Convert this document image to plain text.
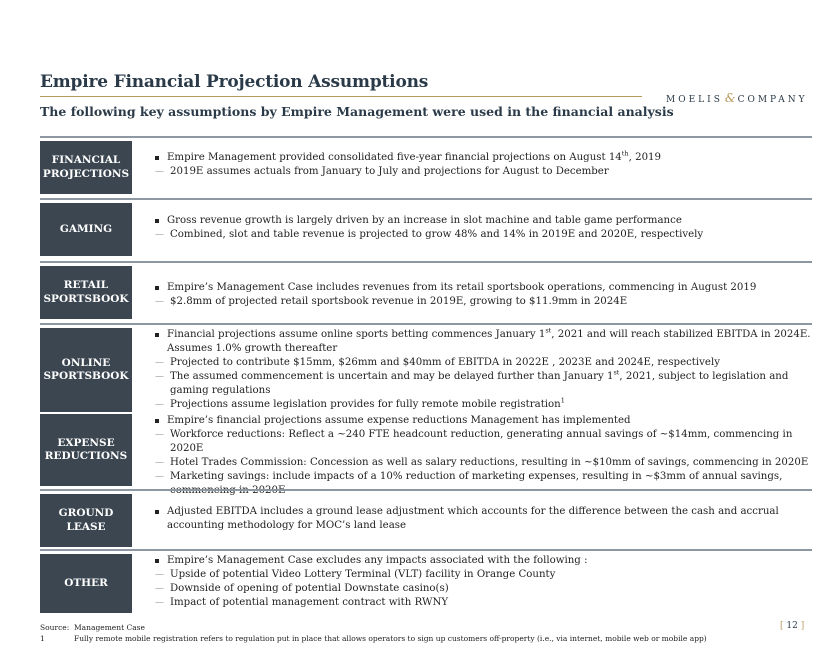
Empire Financial Projection Assumptions
MOELIS & COMPANY
The following key assumptions by Empire Management were used in the financial analysis
FINANCIAL
PROJECTIONS
Empire Management provided consolidated five-year financial projections on August 14th, 2019
— 2019E assumes actuals from January to July and projections for August to December
GAMING
Gross revenue growth is largely driven by an increase in slot machine and table game performance
— Combined, slot and table revenue is projected to grow 48% and 14% in 2019E and 2020E, respectively
RETAIL
SPORTSBOOK
Empire’s Management Case includes revenues from its retail sportsbook operations, commencing in August 2019
— $2.8mm of projected retail sportsbook revenue in 2019E, growing to $11.9mm in 2024E
ONLINE
SPORTSBOOK
Financial projections assume online sports betting commences January 1st, 2021 and will reach stabilized EBITDA in 2024E. Assumes 1.0% growth thereafter
— Projected to contribute $15mm, $26mm and $40mm of EBITDA in 2022E , 2023E and 2024E, respectively
— The assumed commencement is uncertain and may be delayed further than January 1st, 2021, subject to legislation and gaming regulations
— Projections assume legislation provides for fully remote mobile registration$^1$
EXPENSE
REDUCTIONS
Empire’s financial projections assume expense reductions Management has implemented
— Workforce reductions: Reflect a ~240 FTE headcount reduction, generating annual savings of ~$14mm, commencing in 2020E
— Hotel Trades Commission: Concession as well as salary reductions, resulting in ~$10mm of savings, commencing in 2020E
— Marketing savings: include impacts of a 10% reduction of marketing expenses, resulting in ~$3mm of annual savings,
GROUND
LEASE
Adjusted EBITDA includes a ground lease adjustment which accounts for the difference between the cash and accrual accounting methodology for MOC’s land lease
OTHER
Empire’s Management Case excludes any impacts associated with the following :
— Upside of potential Video Lottery Terminal (VLT) facility in Orange County
— Downside of opening of potential Downstate casino(s)
— Impact of potential management contract with RWNY
Source: Management Case
1	Fully remote mobile registration refers to regulation put in place that allows operators to sign up customers off-property (i.e., via internet, mobile web or mobile app)
[ 12 ]
